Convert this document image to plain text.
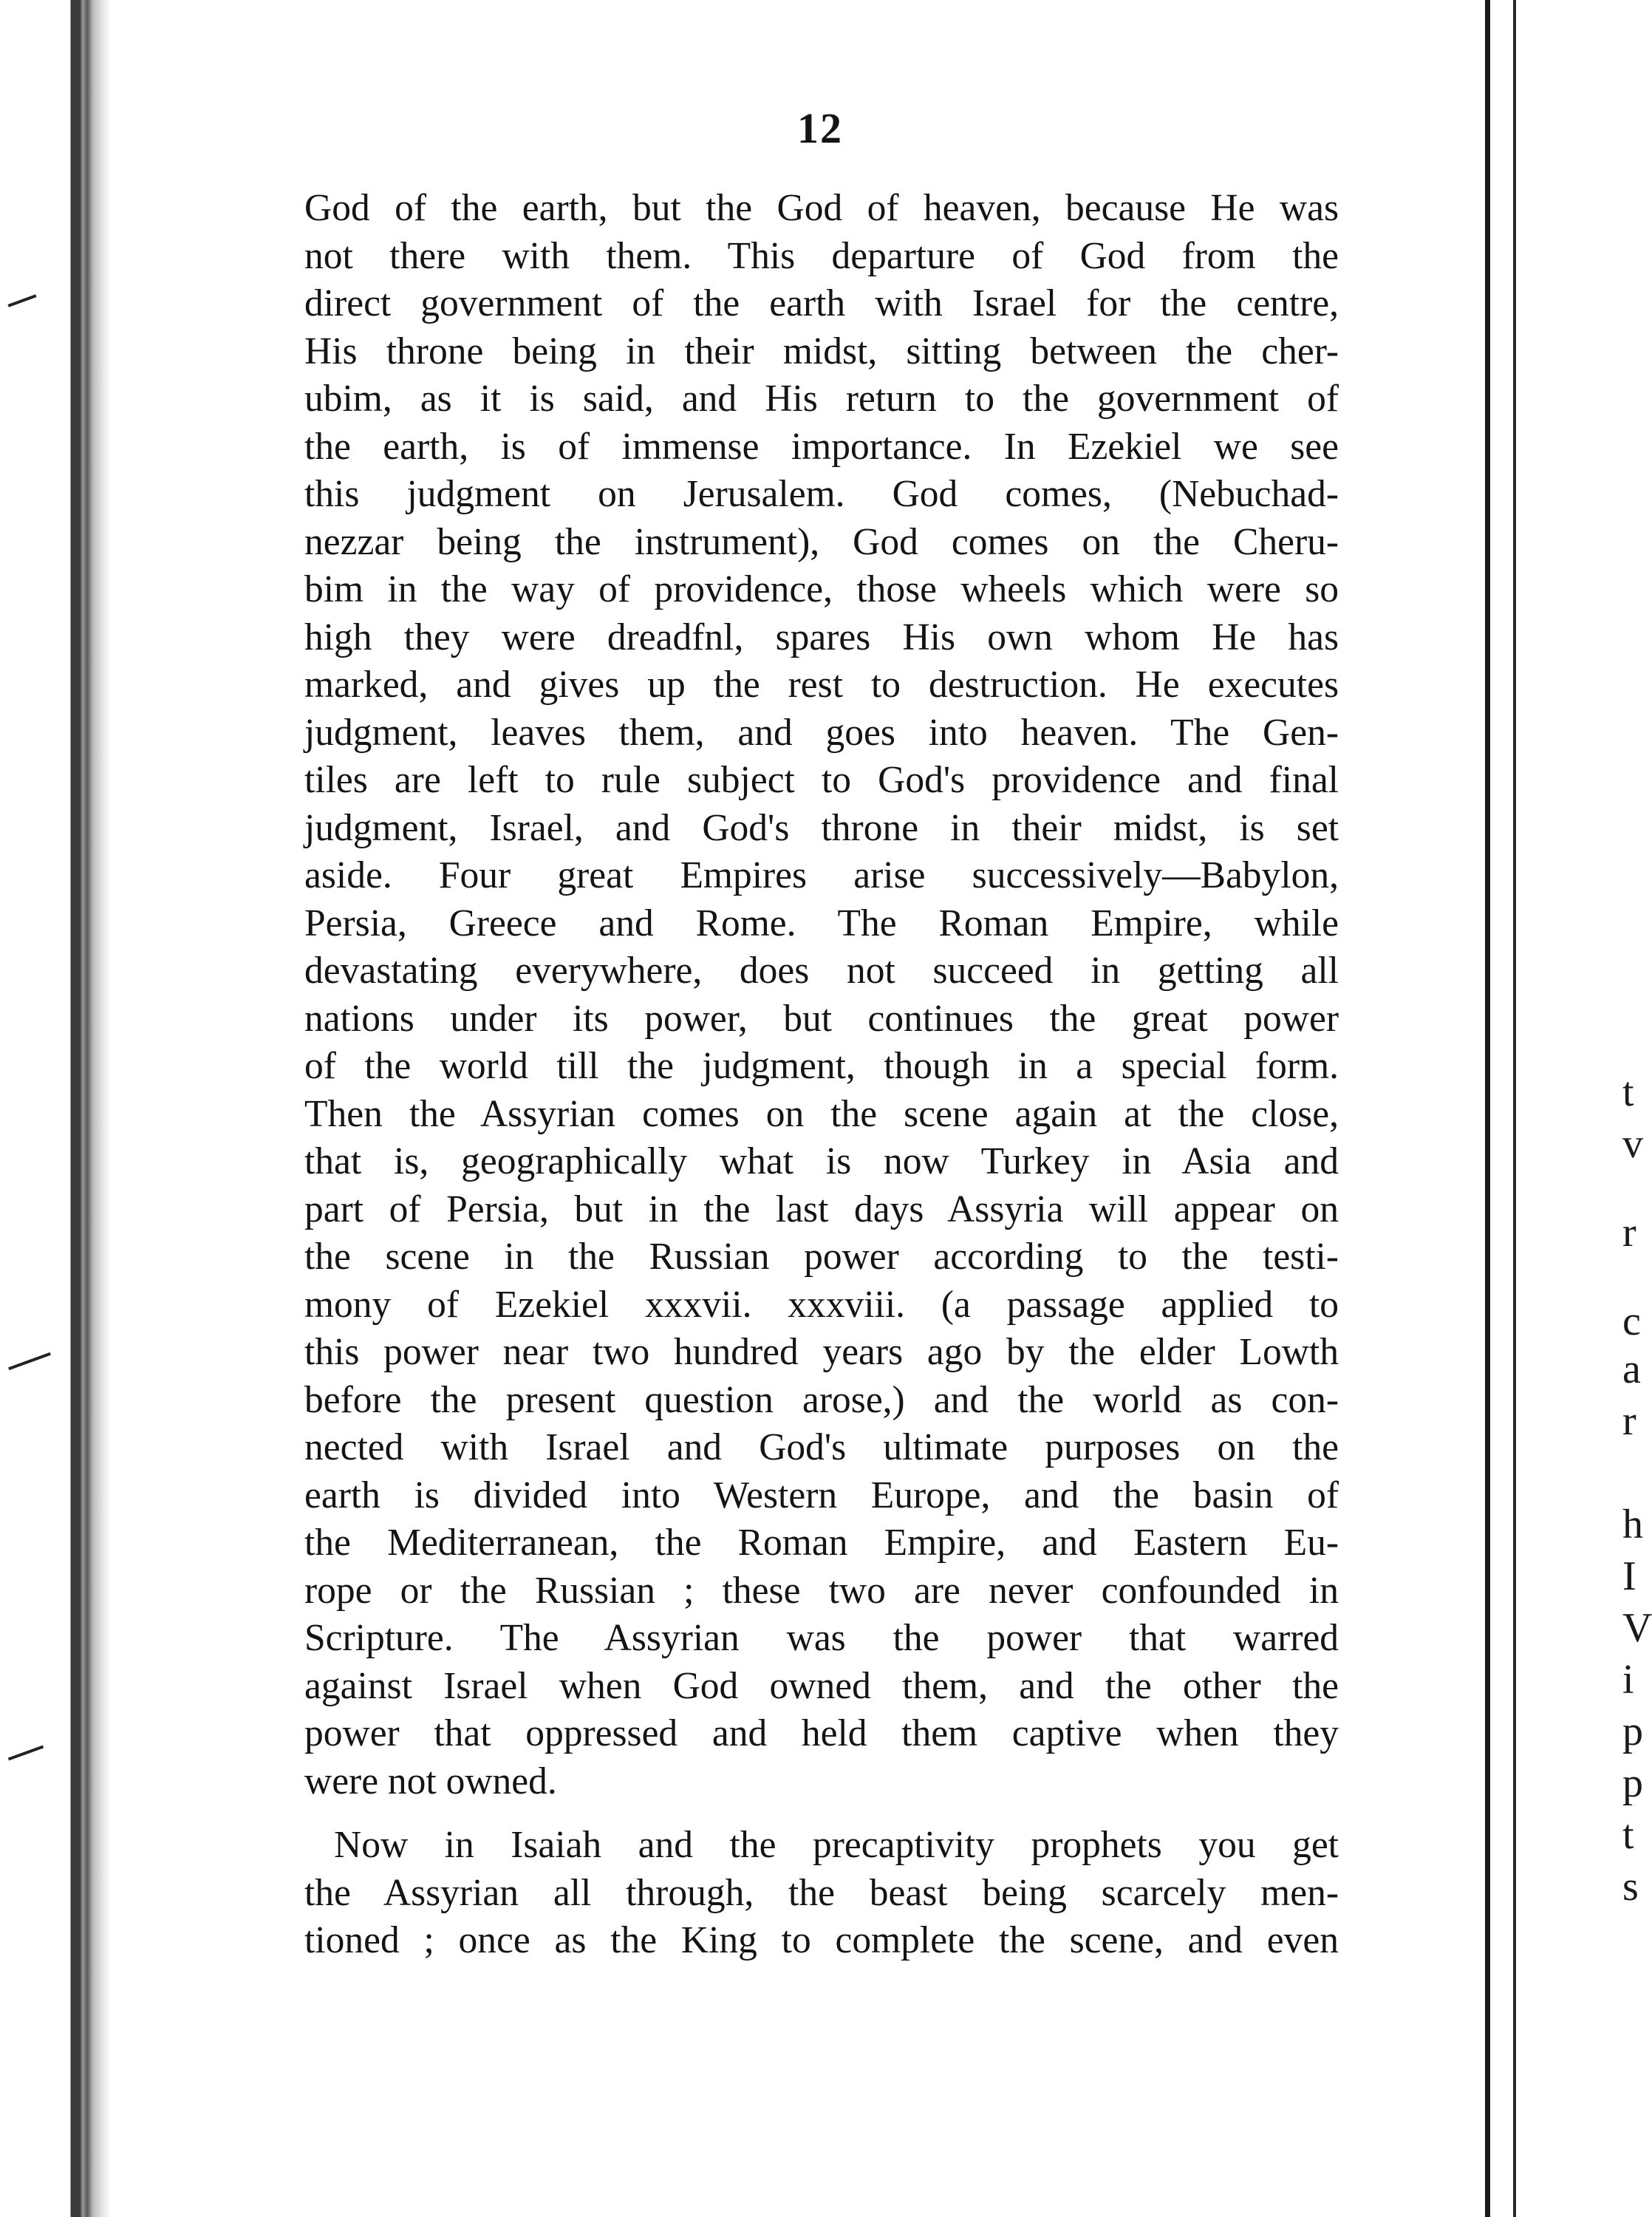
t
v
r
c
a
r
h
I
V
i
p
p
t
s
12
God of the earth, but the God of heaven, because He was
not there with them. This departure of God from the
direct government of the earth with Israel for the centre,
His throne being in their midst, sitting between the cher-
ubim, as it is said, and His return to the government of
the earth, is of immense importance. In Ezekiel we see
this judgment on Jerusalem. God comes, (Nebuchad-
nezzar being the instrument), God comes on the Cheru-
bim in the way of providence, those wheels which were so
high they were dreadfnl, spares His own whom He has
marked, and gives up the rest to destruction. He executes
judgment, leaves them, and goes into heaven. The Gen-
tiles are left to rule subject to God's providence and final
judgment, Israel, and God's throne in their midst, is set
aside. Four great Empires arise successively—Babylon,
Persia, Greece and Rome. The Roman Empire, while
devastating everywhere, does not succeed in getting all
nations under its power, but continues the great power
of the world till the judgment, though in a special form.
Then the Assyrian comes on the scene again at the close,
that is, geographically what is now Turkey in Asia and
part of Persia, but in the last days Assyria will appear on
the scene in the Russian power according to the testi-
mony of Ezekiel xxxvii. xxxviii. (a passage applied to
this power near two hundred years ago by the elder Lowth
before the present question arose,) and the world as con-
nected with Israel and God's ultimate purposes on the
earth is divided into Western Europe, and the basin of
the Mediterranean, the Roman Empire, and Eastern Eu-
rope or the Russian ; these two are never confounded in
Scripture. The Assyrian was the power that warred
against Israel when God owned them, and the other the
power that oppressed and held them captive when they
were not owned.
Now in Isaiah and the precaptivity prophets you get
the Assyrian all through, the beast being scarcely men-
tioned ; once as the King to complete the scene, and even
